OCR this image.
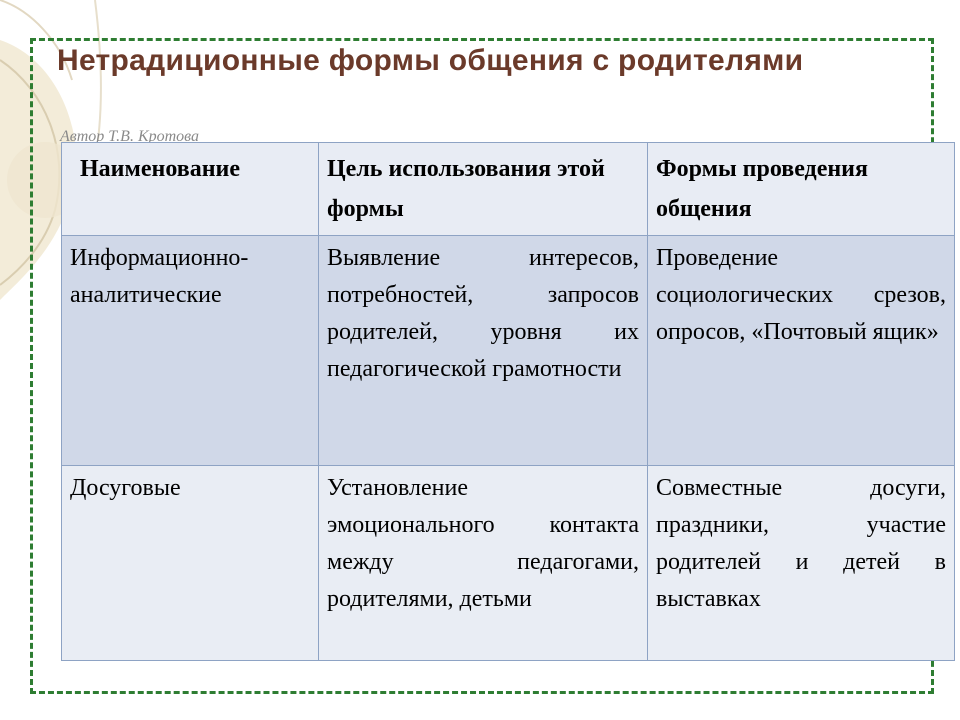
Нетрадиционные формы общения с родителями

Автор Т.В. Кротова

Наименование	Цель использования этой формы	Формы проведения общения
Информационно-аналитические	Выявление интересов, потребностей, запросов родителей, уровня их педагогической грамотности	Проведение социологических срезов, опросов, «Почтовый ящик»
Досуговые	Установление эмоционального контакта между педагогами, родителями, детьми	Совместные досуги, праздники, участие родителей и детей в выставках
